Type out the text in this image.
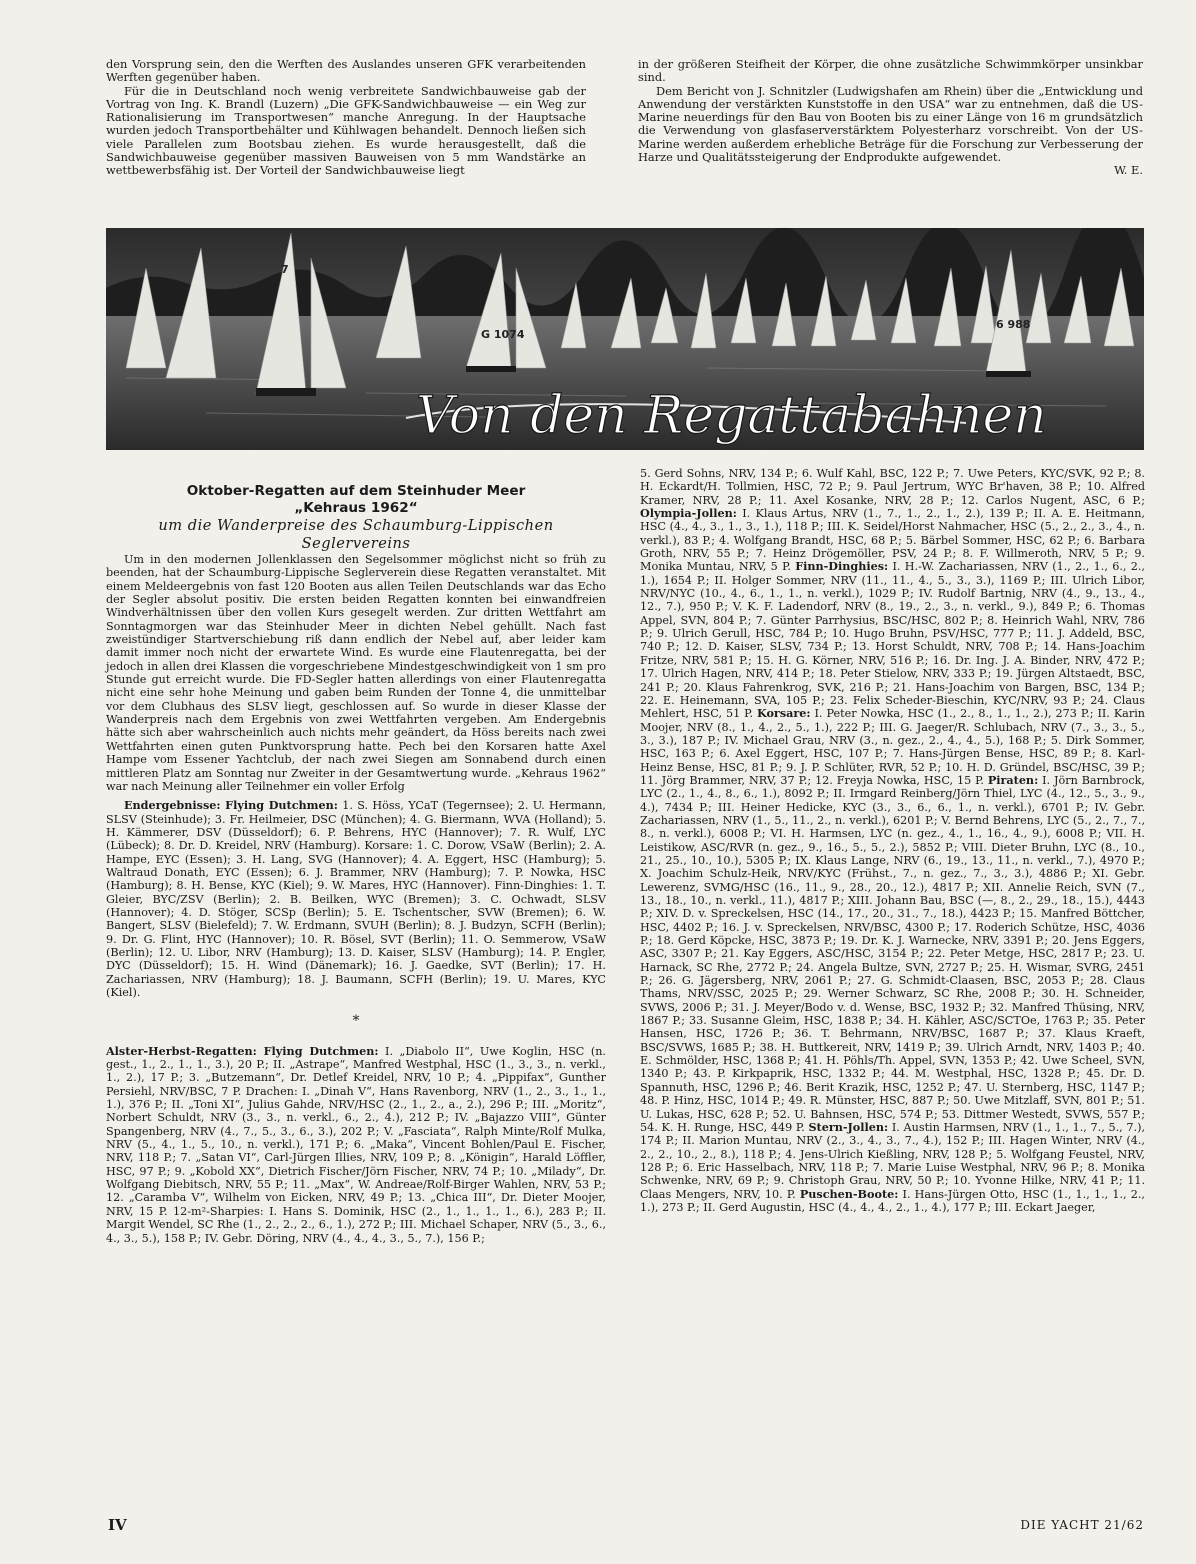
den Vorsprung sein, den die Werften des Auslandes unseren GFK verarbeitenden Werften gegenüber haben.

Für die in Deutschland noch wenig verbreitete Sandwichbauweise gab der Vortrag von Ing. K. Brandl (Luzern) „Die GFK-Sandwichbauweise — ein Weg zur Rationalisierung im Transportwesen“ manche Anregung. In der Hauptsache wurden jedoch Transportbehälter und Kühlwagen behandelt. Dennoch ließen sich viele Parallelen zum Bootsbau ziehen. Es wurde herausgestellt, daß die Sandwichbauweise gegenüber massiven Bauweisen von 5 mm Wandstärke an wettbewerbsfähig ist. Der Vorteil der Sandwichbauweise liegt

in der größeren Steifheit der Körper, die ohne zusätzliche Schwimmkörper unsinkbar sind.

Dem Bericht von J. Schnitzler (Ludwigshafen am Rhein) über die „Entwicklung und Anwendung der verstärkten Kunststoffe in den USA“ war zu entnehmen, daß die US-Marine neuerdings für den Bau von Booten bis zu einer Länge von 16 m grundsätzlich die Verwendung von glasfaserverstärktem Polyesterharz vorschreibt. Von der US-Marine werden außerdem erhebliche Beträge für die Forschung zur Verbesserung der Harze und Qualitätssteigerung der Endprodukte aufgewendet.

W. E.
7
G 1074
6 988
Von den Regattabahnen

Oktober-Regatten auf dem Steinhuder Meer

„Kehraus 1962“

um die Wanderpreise des Schaumburg-Lippischen Seglervereins

Um in den modernen Jollenklassen den Segelsommer möglichst nicht so früh zu beenden, hat der Schaumburg-Lippische Seglerverein diese Regatten veranstaltet. Mit einem Meldeergebnis von fast 120 Booten aus allen Teilen Deutschlands war das Echo der Segler absolut positiv. Die ersten beiden Regatten konnten bei einwandfreien Windverhältnissen über den vollen Kurs gesegelt werden. Zur dritten Wettfahrt am Sonntagmorgen war das Steinhuder Meer in dichten Nebel gehüllt. Nach fast zweistündiger Startverschiebung riß dann endlich der Nebel auf, aber leider kam damit immer noch nicht der erwartete Wind. Es wurde eine Flautenregatta, bei der jedoch in allen drei Klassen die vorgeschriebene Mindestgeschwindigkeit von 1 sm pro Stunde gut erreicht wurde. Die FD-Segler hatten allerdings von einer Flautenregatta nicht eine sehr hohe Meinung und gaben beim Runden der Tonne 4, die unmittelbar vor dem Clubhaus des SLSV liegt, geschlossen auf. So wurde in dieser Klasse der Wanderpreis nach dem Ergebnis von zwei Wettfahrten vergeben. Am Endergebnis hätte sich aber wahrscheinlich auch nichts mehr geändert, da Höss bereits nach zwei Wettfahrten einen guten Punktvorsprung hatte. Pech bei den Korsaren hatte Axel Hampe vom Essener Yachtclub, der nach zwei Siegen am Sonnabend durch einen mittleren Platz am Sonntag nur Zweiter in der Gesamtwertung wurde. „Kehraus 1962“ war nach Meinung aller Teilnehmer ein voller Erfolg

Endergebnisse: Flying Dutchmen: 1. S. Höss, YCaT (Tegernsee); 2. U. Hermann, SLSV (Steinhude); 3. Fr. Heilmeier, DSC (München); 4. G. Biermann, WVA (Holland); 5. H. Kämmerer, DSV (Düsseldorf); 6. P. Behrens, HYC (Hannover); 7. R. Wulf, LYC (Lübeck); 8. Dr. D. Kreidel, NRV (Hamburg). Korsare: 1. C. Dorow, VSaW (Berlin); 2. A. Hampe, EYC (Essen); 3. H. Lang, SVG (Hannover); 4. A. Eggert, HSC (Hamburg); 5. Waltraud Donath, EYC (Essen); 6. J. Brammer, NRV (Hamburg); 7. P. Nowka, HSC (Hamburg); 8. H. Bense, KYC (Kiel); 9. W. Mares, HYC (Hannover). Finn-Dinghies: 1. T. Gleier, BYC/ZSV (Berlin); 2. B. Beilken, WYC (Bremen); 3. C. Ochwadt, SLSV (Hannover); 4. D. Stöger, SCSp (Berlin); 5. E. Tschentscher, SVW (Bremen); 6. W. Bangert, SLSV (Bielefeld); 7. W. Erdmann, SVUH (Berlin); 8. J. Budzyn, SCFH (Berlin); 9. Dr. G. Flint, HYC (Hannover); 10. R. Bösel, SVT (Berlin); 11. O. Semmerow, VSaW (Berlin); 12. U. Libor, NRV (Hamburg); 13. D. Kaiser, SLSV (Hamburg); 14. P. Engler, DYC (Düsseldorf); 15. H. Wind (Dänemark); 16. J. Gaedke, SVT (Berlin); 17. H. Zachariassen, NRV (Hamburg); 18. J. Baumann, SCFH (Berlin); 19. U. Mares, KYC (Kiel).

*

Alster-Herbst-Regatten: Flying Dutchmen: I. „Diabolo II“, Uwe Koglin, HSC (n. gest., 1., 2., 1., 1., 3.), 20 P.; II. „Astrape“, Manfred Westphal, HSC (1., 3., 3., n. verkl., 1., 2.), 17 P.; 3. „Butzemann“, Dr. Detlef Kreidel, NRV, 10 P.; 4. „Pippifax“, Gunther Persiehl, NRV/BSC, 7 P. Drachen: I. „Dinah V“, Hans Ravenborg, NRV (1., 2., 3., 1., 1., 1.), 376 P.; II. „Toni XI“, Julius Gahde, NRV/HSC (2., 1., 2., a., 2.), 296 P.; III. „Moritz“, Norbert Schuldt, NRV (3., 3., n. verkl., 6., 2., 4.), 212 P.; IV. „Bajazzo VIII“, Günter Spangenberg, NRV (4., 7., 5., 3., 6., 3.), 202 P.; V. „Fasciata“, Ralph Minte/Rolf Mulka, NRV (5., 4., 1., 5., 10., n. verkl.), 171 P.; 6. „Maka“, Vincent Bohlen/Paul E. Fischer, NRV, 118 P.; 7. „Satan VI“, Carl-Jürgen Illies, NRV, 109 P.; 8. „Königin“, Harald Löffler, HSC, 97 P.; 9. „Kobold XX“, Dietrich Fischer/Jörn Fischer, NRV, 74 P.; 10. „Milady“, Dr. Wolfgang Diebitsch, NRV, 55 P.; 11. „Max“, W. Andreae/Rolf-Birger Wahlen, NRV, 53 P.; 12. „Caramba V“, Wilhelm von Eicken, NRV, 49 P.; 13. „Chica III“, Dr. Dieter Moojer, NRV, 15 P. 12-m²-Sharpies: I. Hans S. Dominik, HSC (2., 1., 1., 1., 1., 6.), 283 P.; II. Margit Wendel, SC Rhe (1., 2., 2., 2., 6., 1.), 272 P.; III. Michael Schaper, NRV (5., 3., 6., 4., 3., 5.), 158 P.; IV. Gebr. Döring, NRV (4., 4., 4., 3., 5., 7.), 156 P.;

5. Gerd Sohns, NRV, 134 P.; 6. Wulf Kahl, BSC, 122 P.; 7. Uwe Peters, KYC/SVK, 92 P.; 8. H. Eckardt/H. Tollmien, HSC, 72 P.; 9. Paul Jertrum, WYC Br'haven, 38 P.; 10. Alfred Kramer, NRV, 28 P.; 11. Axel Kosanke, NRV, 28 P.; 12. Carlos Nugent, ASC, 6 P.; Olympia-Jollen: I. Klaus Artus, NRV (1., 7., 1., 2., 1., 2.), 139 P.; II. A. E. Heitmann, HSC (4., 4., 3., 1., 3., 1.), 118 P.; III. K. Seidel/Horst Nahmacher, HSC (5., 2., 2., 3., 4., n. verkl.), 83 P.; 4. Wolfgang Brandt, HSC, 68 P.; 5. Bärbel Sommer, HSC, 62 P.; 6. Barbara Groth, NRV, 55 P.; 7. Heinz Drögemöller, PSV, 24 P.; 8. F. Willmeroth, NRV, 5 P.; 9. Monika Muntau, NRV, 5 P. Finn-Dinghies: I. H.-W. Zachariassen, NRV (1., 2., 1., 6., 2., 1.), 1654 P.; II. Holger Sommer, NRV (11., 11., 4., 5., 3., 3.), 1169 P.; III. Ulrich Libor, NRV/NYC (10., 4., 6., 1., 1., n. verkl.), 1029 P.; IV. Rudolf Bartnig, NRV (4., 9., 13., 4., 12., 7.), 950 P.; V. K. F. Ladendorf, NRV (8., 19., 2., 3., n. verkl., 9.), 849 P.; 6. Thomas Appel, SVN, 804 P.; 7. Günter Parrhysius, BSC/HSC, 802 P.; 8. Heinrich Wahl, NRV, 786 P.; 9. Ulrich Gerull, HSC, 784 P.; 10. Hugo Bruhn, PSV/HSC, 777 P.; 11. J. Addeld, BSC, 740 P.; 12. D. Kaiser, SLSV, 734 P.; 13. Horst Schuldt, NRV, 708 P.; 14. Hans-Joachim Fritze, NRV, 581 P.; 15. H. G. Körner, NRV, 516 P.; 16. Dr. Ing. J. A. Binder, NRV, 472 P.; 17. Ulrich Hagen, NRV, 414 P.; 18. Peter Stielow, NRV, 333 P.; 19. Jürgen Altstaedt, BSC, 241 P.; 20. Klaus Fahrenkrog, SVK, 216 P.; 21. Hans-Joachim von Bargen, BSC, 134 P.; 22. E. Heinemann, SVA, 105 P.; 23. Felix Scheder-Bieschin, KYC/NRV, 93 P.; 24. Claus Mehlert, HSC, 51 P. Korsare: I. Peter Nowka, HSC (1., 2., 8., 1., 1., 2.), 273 P.; II. Karin Moojer, NRV (8., 1., 4., 2., 5., 1.), 222 P.; III. G. Jaeger/R. Schlubach, NRV (7., 3., 3., 5., 3., 3.), 187 P.; IV. Michael Grau, NRV (3., n. gez., 2., 4., 4., 5.), 168 P.; 5. Dirk Sommer, HSC, 163 P.; 6. Axel Eggert, HSC, 107 P.; 7. Hans-Jürgen Bense, HSC, 89 P.; 8. Karl-Heinz Bense, HSC, 81 P.; 9. J. P. Schlüter, RVR, 52 P.; 10. H. D. Gründel, BSC/HSC, 39 P.; 11. Jörg Brammer, NRV, 37 P.; 12. Freyja Nowka, HSC, 15 P. Piraten: I. Jörn Barnbrock, LYC (2., 1., 4., 8., 6., 1.), 8092 P.; II. Irmgard Reinberg/Jörn Thiel, LYC (4., 12., 5., 3., 9., 4.), 7434 P.; III. Heiner Hedicke, KYC (3., 3., 6., 6., 1., n. verkl.), 6701 P.; IV. Gebr. Zachariassen, NRV (1., 5., 11., 2., n. verkl.), 6201 P.; V. Bernd Behrens, LYC (5., 2., 7., 7., 8., n. verkl.), 6008 P.; VI. H. Harmsen, LYC (n. gez., 4., 1., 16., 4., 9.), 6008 P.; VII. H. Leistikow, ASC/RVR (n. gez., 9., 16., 5., 5., 2.), 5852 P.; VIII. Dieter Bruhn, LYC (8., 10., 21., 25., 10., 10.), 5305 P.; IX. Klaus Lange, NRV (6., 19., 13., 11., n. verkl., 7.), 4970 P.; X. Joachim Schulz-Heik, NRV/KYC (Frühst., 7., n. gez., 7., 3., 3.), 4886 P.; XI. Gebr. Lewerenz, SVMG/HSC (16., 11., 9., 28., 20., 12.), 4817 P.; XII. Annelie Reich, SVN (7., 13., 18., 10., n. verkl., 11.), 4817 P.; XIII. Johann Bau, BSC (—, 8., 2., 29., 18., 15.), 4443 P.; XIV. D. v. Spreckelsen, HSC (14., 17., 20., 31., 7., 18.), 4423 P.; 15. Manfred Böttcher, HSC, 4402 P.; 16. J. v. Spreckelsen, NRV/BSC, 4300 P.; 17. Roderich Schütze, HSC, 4036 P.; 18. Gerd Köpcke, HSC, 3873 P.; 19. Dr. K. J. Warnecke, NRV, 3391 P.; 20. Jens Eggers, ASC, 3307 P.; 21. Kay Eggers, ASC/HSC, 3154 P.; 22. Peter Metge, HSC, 2817 P.; 23. U. Harnack, SC Rhe, 2772 P.; 24. Angela Bultze, SVN, 2727 P.; 25. H. Wismar, SVRG, 2451 P.; 26. G. Jägersberg, NRV, 2061 P.; 27. G. Schmidt-Claasen, BSC, 2053 P.; 28. Claus Thams, NRV/SSC, 2025 P.; 29. Werner Schwarz, SC Rhe, 2008 P.; 30. H. Schneider, SVWS, 2006 P.; 31. J. Meyer/Bodo v. d. Wense, BSC, 1932 P.; 32. Manfred Thüsing, NRV, 1867 P.; 33. Susanne Gleim, HSC, 1838 P.; 34. H. Kähler, ASC/SCTOe, 1763 P.; 35. Peter Hansen, HSC, 1726 P.; 36. T. Behrmann, NRV/BSC, 1687 P.; 37. Klaus Kraeft, BSC/SVWS, 1685 P.; 38. H. Buttkereit, NRV, 1419 P.; 39. Ulrich Arndt, NRV, 1403 P.; 40. E. Schmölder, HSC, 1368 P.; 41. H. Pöhls/Th. Appel, SVN, 1353 P.; 42. Uwe Scheel, SVN, 1340 P.; 43. P. Kirkpaprik, HSC, 1332 P.; 44. M. Westphal, HSC, 1328 P.; 45. Dr. D. Spannuth, HSC, 1296 P.; 46. Berit Krazik, HSC, 1252 P.; 47. U. Sternberg, HSC, 1147 P.; 48. P. Hinz, HSC, 1014 P.; 49. R. Münster, HSC, 887 P.; 50. Uwe Mitzlaff, SVN, 801 P.; 51. U. Lukas, HSC, 628 P.; 52. U. Bahnsen, HSC, 574 P.; 53. Dittmer Westedt, SVWS, 557 P.; 54. K. H. Runge, HSC, 449 P. Stern-Jollen: I. Austin Harmsen, NRV (1., 1., 1., 7., 5., 7.), 174 P.; II. Marion Muntau, NRV (2., 3., 4., 3., 7., 4.), 152 P.; III. Hagen Winter, NRV (4., 2., 2., 10., 2., 8.), 118 P.; 4. Jens-Ulrich Kießling, NRV, 128 P.; 5. Wolfgang Feustel, NRV, 128 P.; 6. Eric Hasselbach, NRV, 118 P.; 7. Marie Luise Westphal, NRV, 96 P.; 8. Monika Schwenke, NRV, 69 P.; 9. Christoph Grau, NRV, 50 P.; 10. Yvonne Hilke, NRV, 41 P.; 11. Claas Mengers, NRV, 10. P. Puschen-Boote: I. Hans-Jürgen Otto, HSC (1., 1., 1., 1., 2., 1.), 273 P.; II. Gerd Augustin, HSC (4., 4., 4., 2., 1., 4.), 177 P.; III. Eckart Jaeger,

IV	DIE YACHT 21/62
